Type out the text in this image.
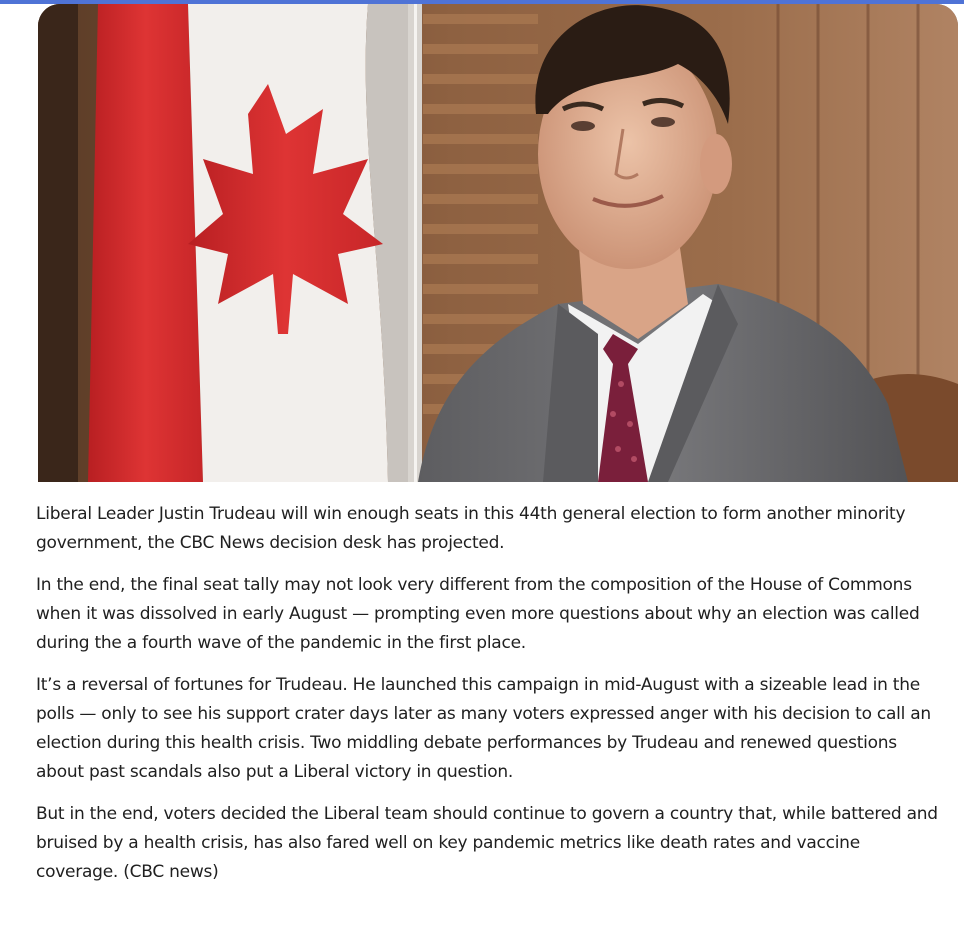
Liberal Leader Justin Trudeau will win enough seats in this 44th general election to form another minority government, the CBC News decision desk has projected.

In the end, the final seat tally may not look very different from the composition of the House of Commons when it was dissolved in early August — prompting even more questions about why an election was called during the a fourth wave of the pandemic in the first place.

It’s a reversal of fortunes for Trudeau. He launched this campaign in mid-August with a sizeable lead in the polls — only to see his support crater days later as many voters expressed anger with his decision to call an election during this health crisis. Two middling debate performances by Trudeau and renewed questions about past scandals also put a Liberal victory in question.

But in the end, voters decided the Liberal team should continue to govern a country that, while battered and bruised by a health crisis, has also fared well on key pandemic metrics like death rates and vaccine coverage. (CBC news)
